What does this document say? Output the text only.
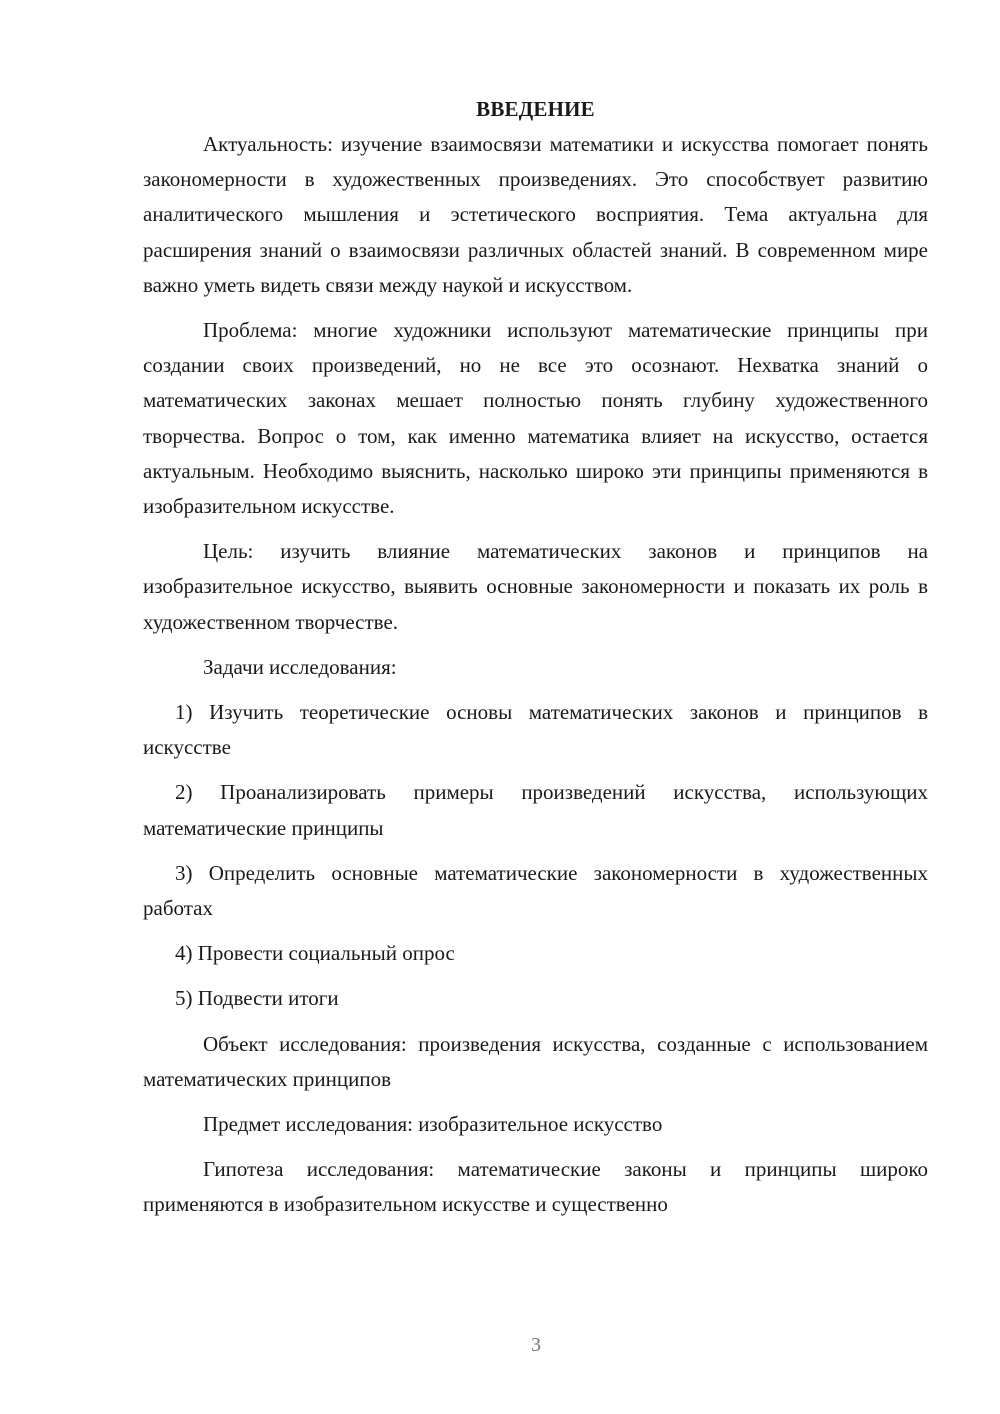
ВВЕДЕНИЕ

Актуальность: изучение взаимосвязи математики и искусства помогает понять закономерности в художественных произведениях. Это способствует развитию аналитического мышления и эстетического восприятия. Тема актуальна для расширения знаний о взаимосвязи различных областей знаний. В современном мире важно уметь видеть связи между наукой и искусством.

Проблема: многие художники используют математические принципы при создании своих произведений, но не все это осознают. Нехватка знаний о математических законах мешает полностью понять глубину художественного творчества. Вопрос о том, как именно математика влияет на искусство, остается актуальным. Необходимо выяснить, насколько широко эти принципы применяются в изобразительном искусстве.

Цель: изучить влияние математических законов и принципов на изобразительное искусство, выявить основные закономерности и показать их роль в художественном творчестве.

Задачи исследования:

1) Изучить теоретические основы математических законов и принципов в искусстве

2) Проанализировать примеры произведений искусства, использующих математические принципы

3) Определить основные математические закономерности в художественных работах

4) Провести социальный опрос

5) Подвести итоги

Объект исследования: произведения искусства, созданные с использованием математических принципов

Предмет исследования: изобразительное искусство

Гипотеза исследования: математические законы и принципы широко применяются в изобразительном искусстве и существенно

3
